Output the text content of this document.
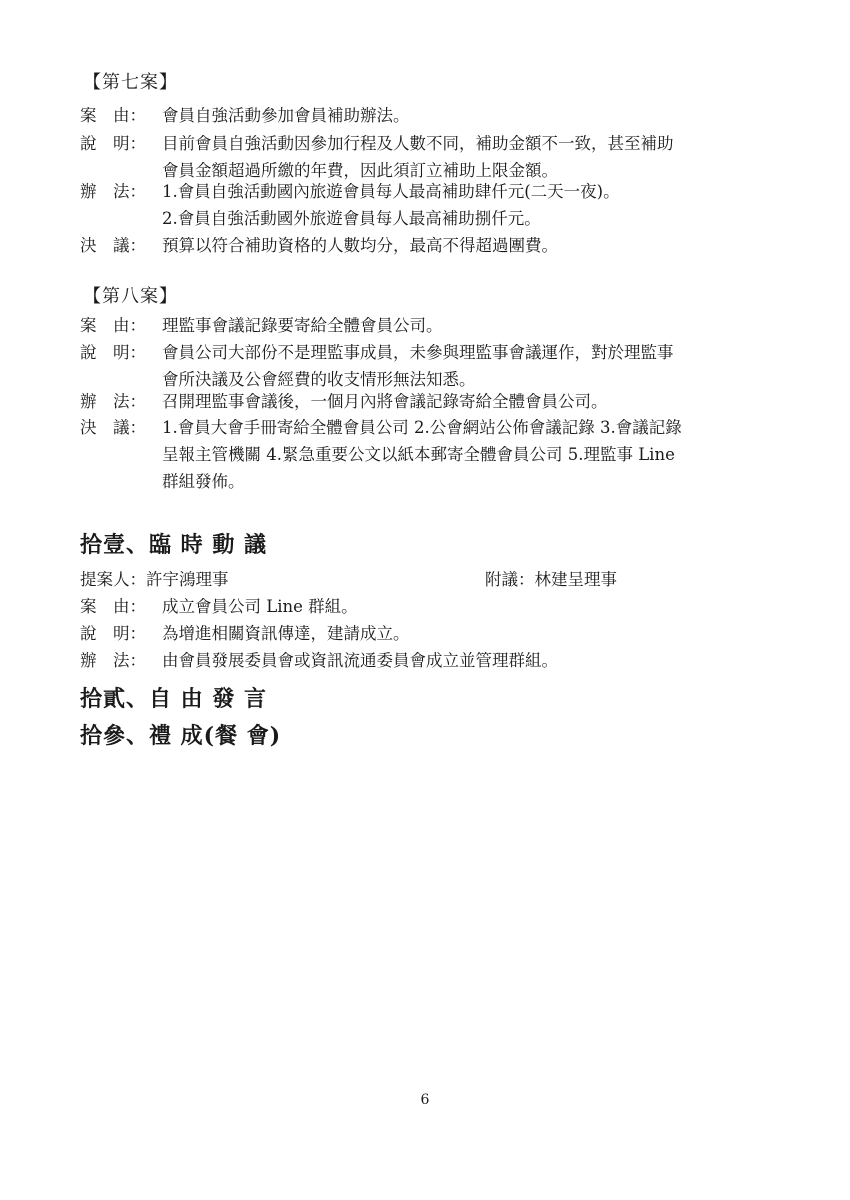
【第七案】
案　由： 會員自強活動參加會員補助辦法。
說　明： 目前會員自強活動因參加行程及人數不同，補助金額不一致，甚至補助
會員金額超過所繳的年費，因此須訂立補助上限金額。
辦　法： 1.會員自強活動國內旅遊會員每人最高補助肆仟元(二天一夜)。
2.會員自強活動國外旅遊會員每人最高補助捌仟元。
決　議： 預算以符合補助資格的人數均分，最高不得超過團費。
【第八案】
案　由： 理監事會議記錄要寄給全體會員公司。
說　明： 會員公司大部份不是理監事成員，未參與理監事會議運作，對於理監事
會所決議及公會經費的收支情形無法知悉。
辦　法： 召開理監事會議後，一個月內將會議記錄寄給全體會員公司。
決　議： 1.會員大會手冊寄給全體會員公司 2.公會網站公佈會議記錄 3.會議記錄
呈報主管機關 4.緊急重要公文以紙本郵寄全體會員公司 5.理監事 Line
群組發佈。
拾壹、臨 時 動 議
提案人：許宇鴻理事	附議：林建呈理事
案　由： 成立會員公司 Line 群組。
說　明： 為增進相關資訊傳達，建請成立。
辦　法： 由會員發展委員會或資訊流通委員會成立並管理群組。
拾貳、自 由 發 言
拾參、禮 成(餐 會)
6
